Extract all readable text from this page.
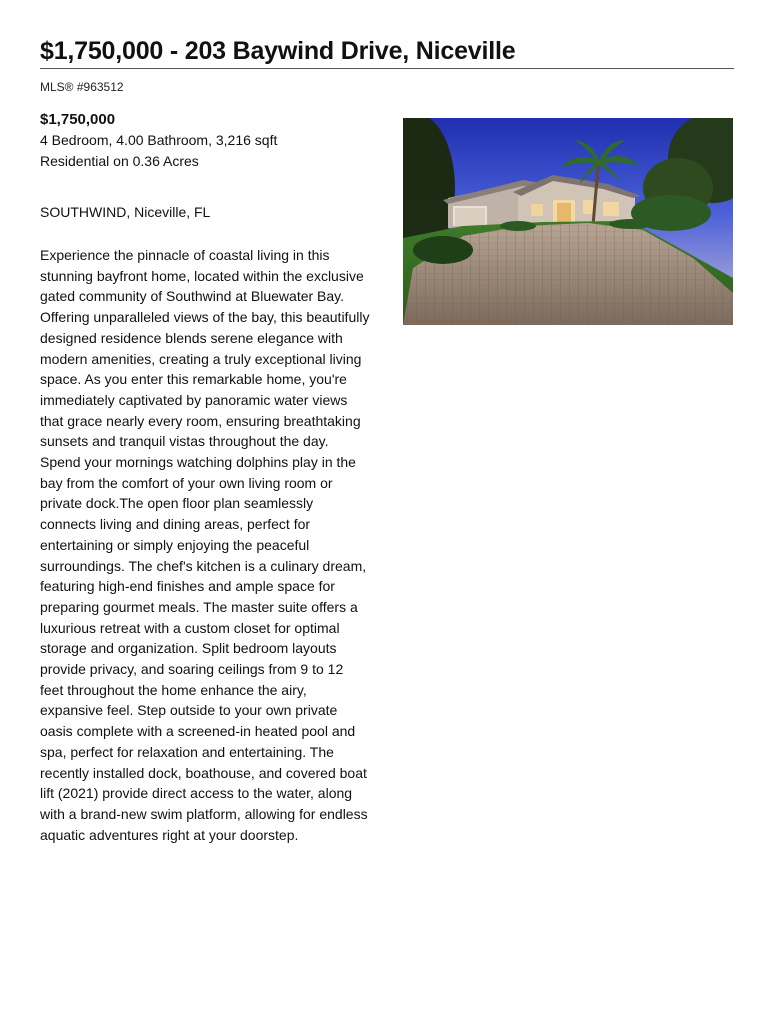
$1,750,000 - 203 Baywind Drive, Niceville
MLS® #963512
$1,750,000
4 Bedroom, 4.00 Bathroom, 3,216 sqft
Residential on 0.36 Acres
SOUTHWIND, Niceville, FL
Experience the pinnacle of coastal living in this stunning bayfront home, located within the exclusive gated community of Southwind at Bluewater Bay. Offering unparalleled views of the bay, this beautifully designed residence blends serene elegance with modern amenities, creating a truly exceptional living space. As you enter this remarkable home, you're immediately captivated by panoramic water views that grace nearly every room, ensuring breathtaking sunsets and tranquil vistas throughout the day. Spend your mornings watching dolphins play in the bay from the comfort of your own living room or private dock.The open floor plan seamlessly connects living and dining areas, perfect for entertaining or simply enjoying the peaceful surroundings. The chef's kitchen is a culinary dream, featuring high-end finishes and ample space for preparing gourmet meals. The master suite offers a luxurious retreat with a custom closet for optimal storage and organization. Split bedroom layouts provide privacy, and soaring ceilings from 9 to 12 feet throughout the home enhance the airy, expansive feel. Step outside to your own private oasis complete with a screened-in heated pool and spa, perfect for relaxation and entertaining. The recently installed dock, boathouse, and covered boat lift (2021) provide direct access to the water, along with a brand-new swim platform, allowing for endless aquatic adventures right at your doorstep.
